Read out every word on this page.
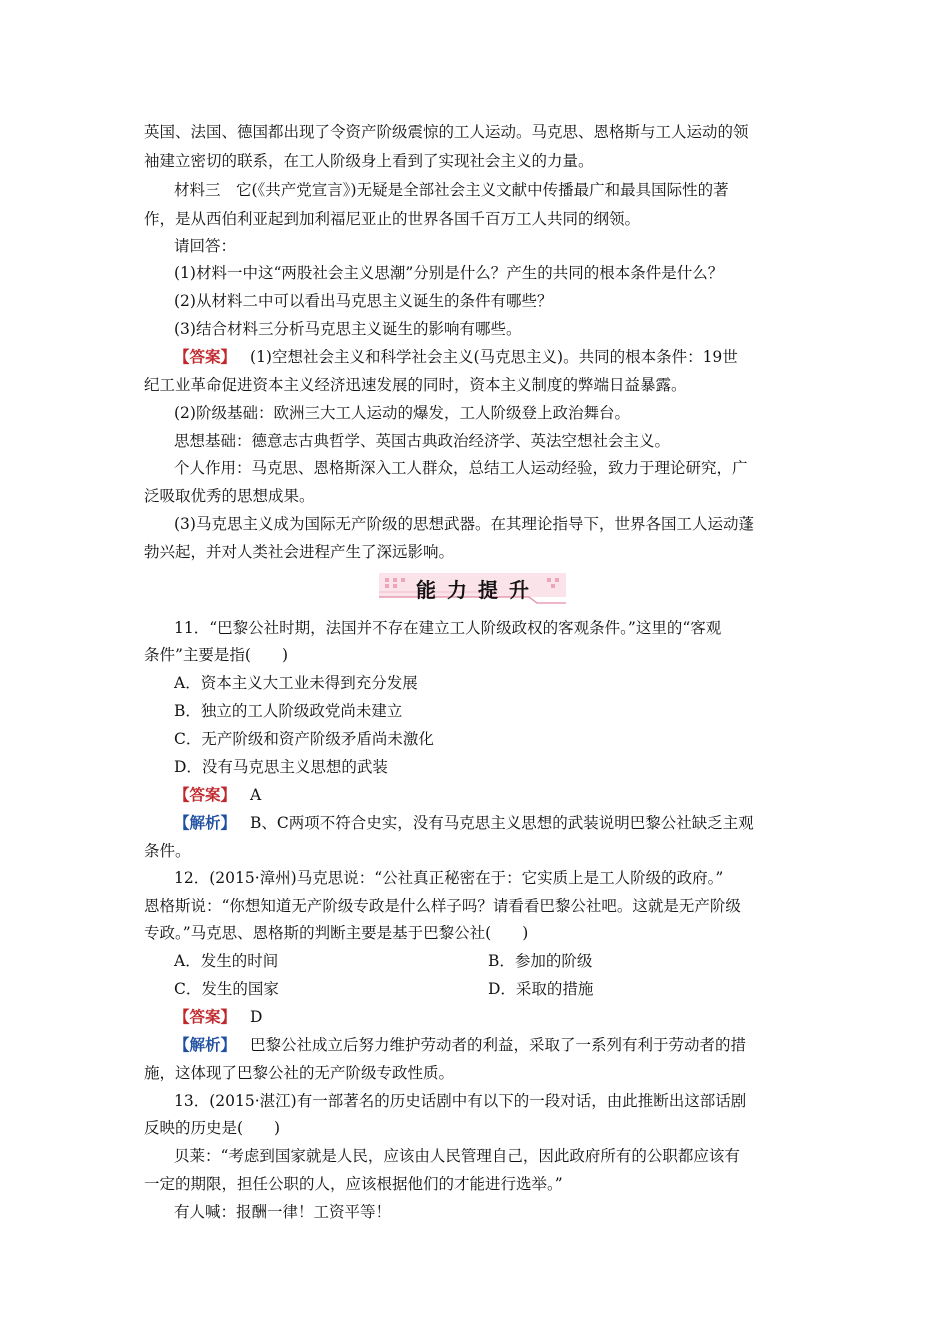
英国、法国、德国都出现了令资产阶级震惊的工人运动。马克思、恩格斯与工人运动的领
袖建立密切的联系，在工人阶级身上看到了实现社会主义的力量。
材料三　它(《共产党宣言》)无疑是全部社会主义文献中传播最广和最具国际性的著
作，是从西伯利亚起到加利福尼亚止的世界各国千百万工人共同的纲领。
请回答：
(1)材料一中这“两股社会主义思潮”分别是什么？产生的共同的根本条件是什么？
(2)从材料二中可以看出马克思主义诞生的条件有哪些？
(3)结合材料三分析马克思主义诞生的影响有哪些。
【答案】 (1)空想社会主义和科学社会主义(马克思主义)。共同的根本条件：19世
纪工业革命促进资本主义经济迅速发展的同时，资本主义制度的弊端日益暴露。
(2)阶级基础：欧洲三大工人运动的爆发，工人阶级登上政治舞台。
思想基础：德意志古典哲学、英国古典政治经济学、英法空想社会主义。
个人作用：马克思、恩格斯深入工人群众，总结工人运动经验，致力于理论研究，广
泛吸取优秀的思想成果。
(3)马克思主义成为国际无产阶级的思想武器。在其理论指导下，世界各国工人运动蓬
勃兴起，并对人类社会进程产生了深远影响。
能力提升
11．“巴黎公社时期，法国并不存在建立工人阶级政权的客观条件。”这里的“客观
条件”主要是指(　　)
A．资本主义大工业未得到充分发展
B．独立的工人阶级政党尚未建立
C．无产阶级和资产阶级矛盾尚未激化
D．没有马克思主义思想的武装
【答案】 A
【解析】 B、C两项不符合史实，没有马克思主义思想的武装说明巴黎公社缺乏主观
条件。
12．(2015·漳州)马克思说：“公社真正秘密在于：它实质上是工人阶级的政府。”
恩格斯说：“你想知道无产阶级专政是什么样子吗？请看看巴黎公社吧。这就是无产阶级
专政。”马克思、恩格斯的判断主要是基于巴黎公社(　　)
A．发生的时间	B．参加的阶级
C．发生的国家	D．采取的措施
【答案】 D
【解析】 巴黎公社成立后努力维护劳动者的利益，采取了一系列有利于劳动者的措
施，这体现了巴黎公社的无产阶级专政性质。
13．(2015·湛江)有一部著名的历史话剧中有以下的一段对话，由此推断出这部话剧
反映的历史是(　　)
贝莱：“考虑到国家就是人民，应该由人民管理自己，因此政府所有的公职都应该有
一定的期限，担任公职的人，应该根据他们的才能进行选举。”
有人喊：报酬一律！工资平等！
